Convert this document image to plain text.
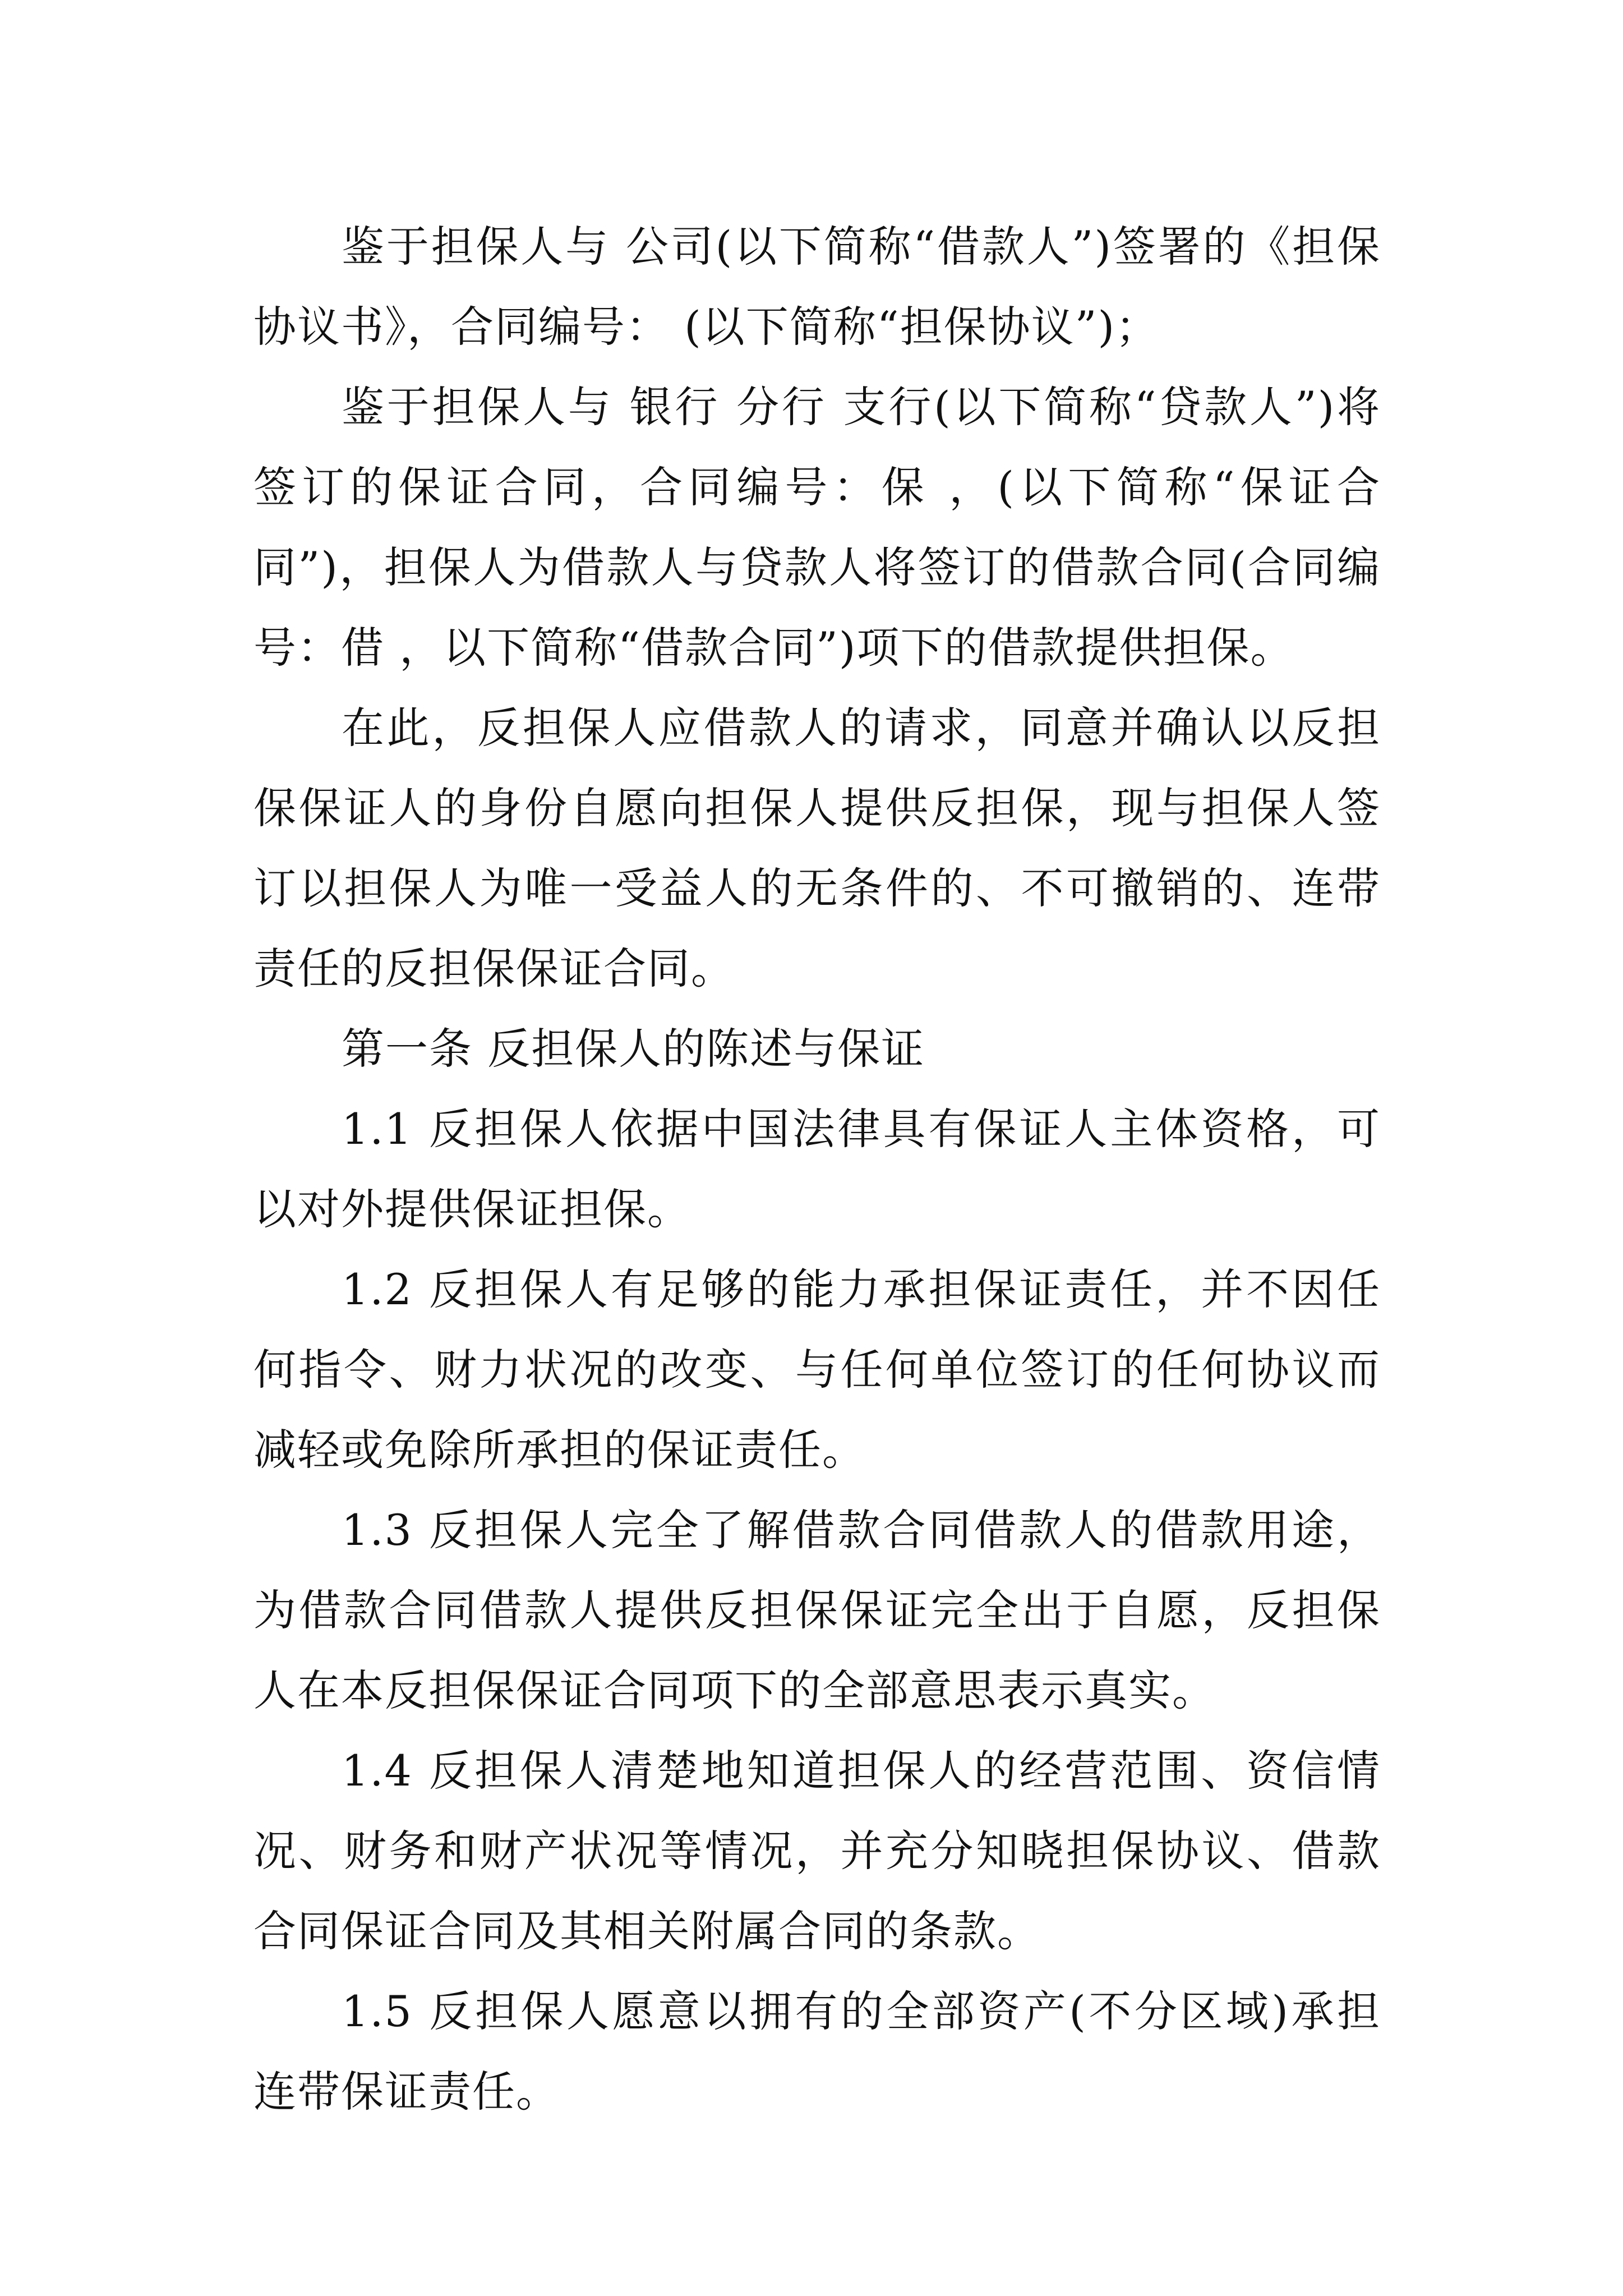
鉴于担保人与 公司(以下简称“借款人”)签署的《担保协议书》，合同编号： (以下简称“担保协议”)；

鉴于担保人与 银行 分行 支行(以下简称“贷款人”)将签订的保证合同，合同编号：保 ，(以下简称“保证合同”)，担保人为借款人与贷款人将签订的借款合同(合同编号：借 ，以下简称“借款合同”)项下的借款提供担保。

在此，反担保人应借款人的请求，同意并确认以反担保保证人的身份自愿向担保人提供反担保，现与担保人签订以担保人为唯一受益人的无条件的、不可撤销的、连带责任的反担保保证合同。

第一条 反担保人的陈述与保证

1.1 反担保人依据中国法律具有保证人主体资格，可以对外提供保证担保。

1.2 反担保人有足够的能力承担保证责任，并不因任何指令、财力状况的改变、与任何单位签订的任何协议而减轻或免除所承担的保证责任。

1.3 反担保人完全了解借款合同借款人的借款用途，为借款合同借款人提供反担保保证完全出于自愿，反担保人在本反担保保证合同项下的全部意思表示真实。

1.4 反担保人清楚地知道担保人的经营范围、资信情况、财务和财产状况等情况，并充分知晓担保协议、借款合同保证合同及其相关附属合同的条款。

1.5 反担保人愿意以拥有的全部资产(不分区域)承担连带保证责任。
